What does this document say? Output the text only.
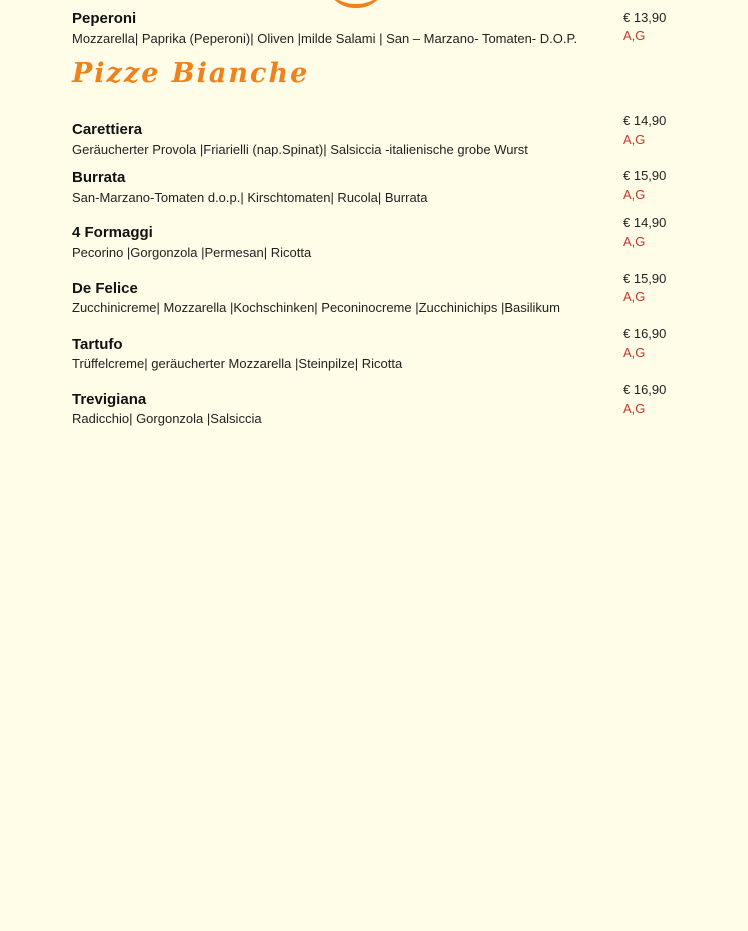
Peperoni
Mozzarella| Paprika (Peperoni)| Oliven |milde Salami | San – Marzano- Tomaten- D.O.P.
€ 13,90
A,G
Pizze Bianche
Carettiera
Geräucherter Provola |Friarielli (nap.Spinat)| Salsiccia -italienische grobe Wurst
€ 14,90
A,G
Burrata
San-Marzano-Tomaten d.o.p.| Kirschtomaten| Rucola| Burrata
€ 15,90
A,G
4 Formaggi
Pecorino |Gorgonzola |Permesan| Ricotta
€ 14,90
A,G
De Felice
Zucchinicreme| Mozzarella |Kochschinken| Peconinocreme |Zucchinichips |Basilikum
€ 15,90
A,G
Tartufo
Trüffelcreme| geräucherter Mozzarella |Steinpilze| Ricotta
€ 16,90
A,G
Trevigiana
Radicchio| Gorgonzola |Salsiccia
€ 16,90
A,G
